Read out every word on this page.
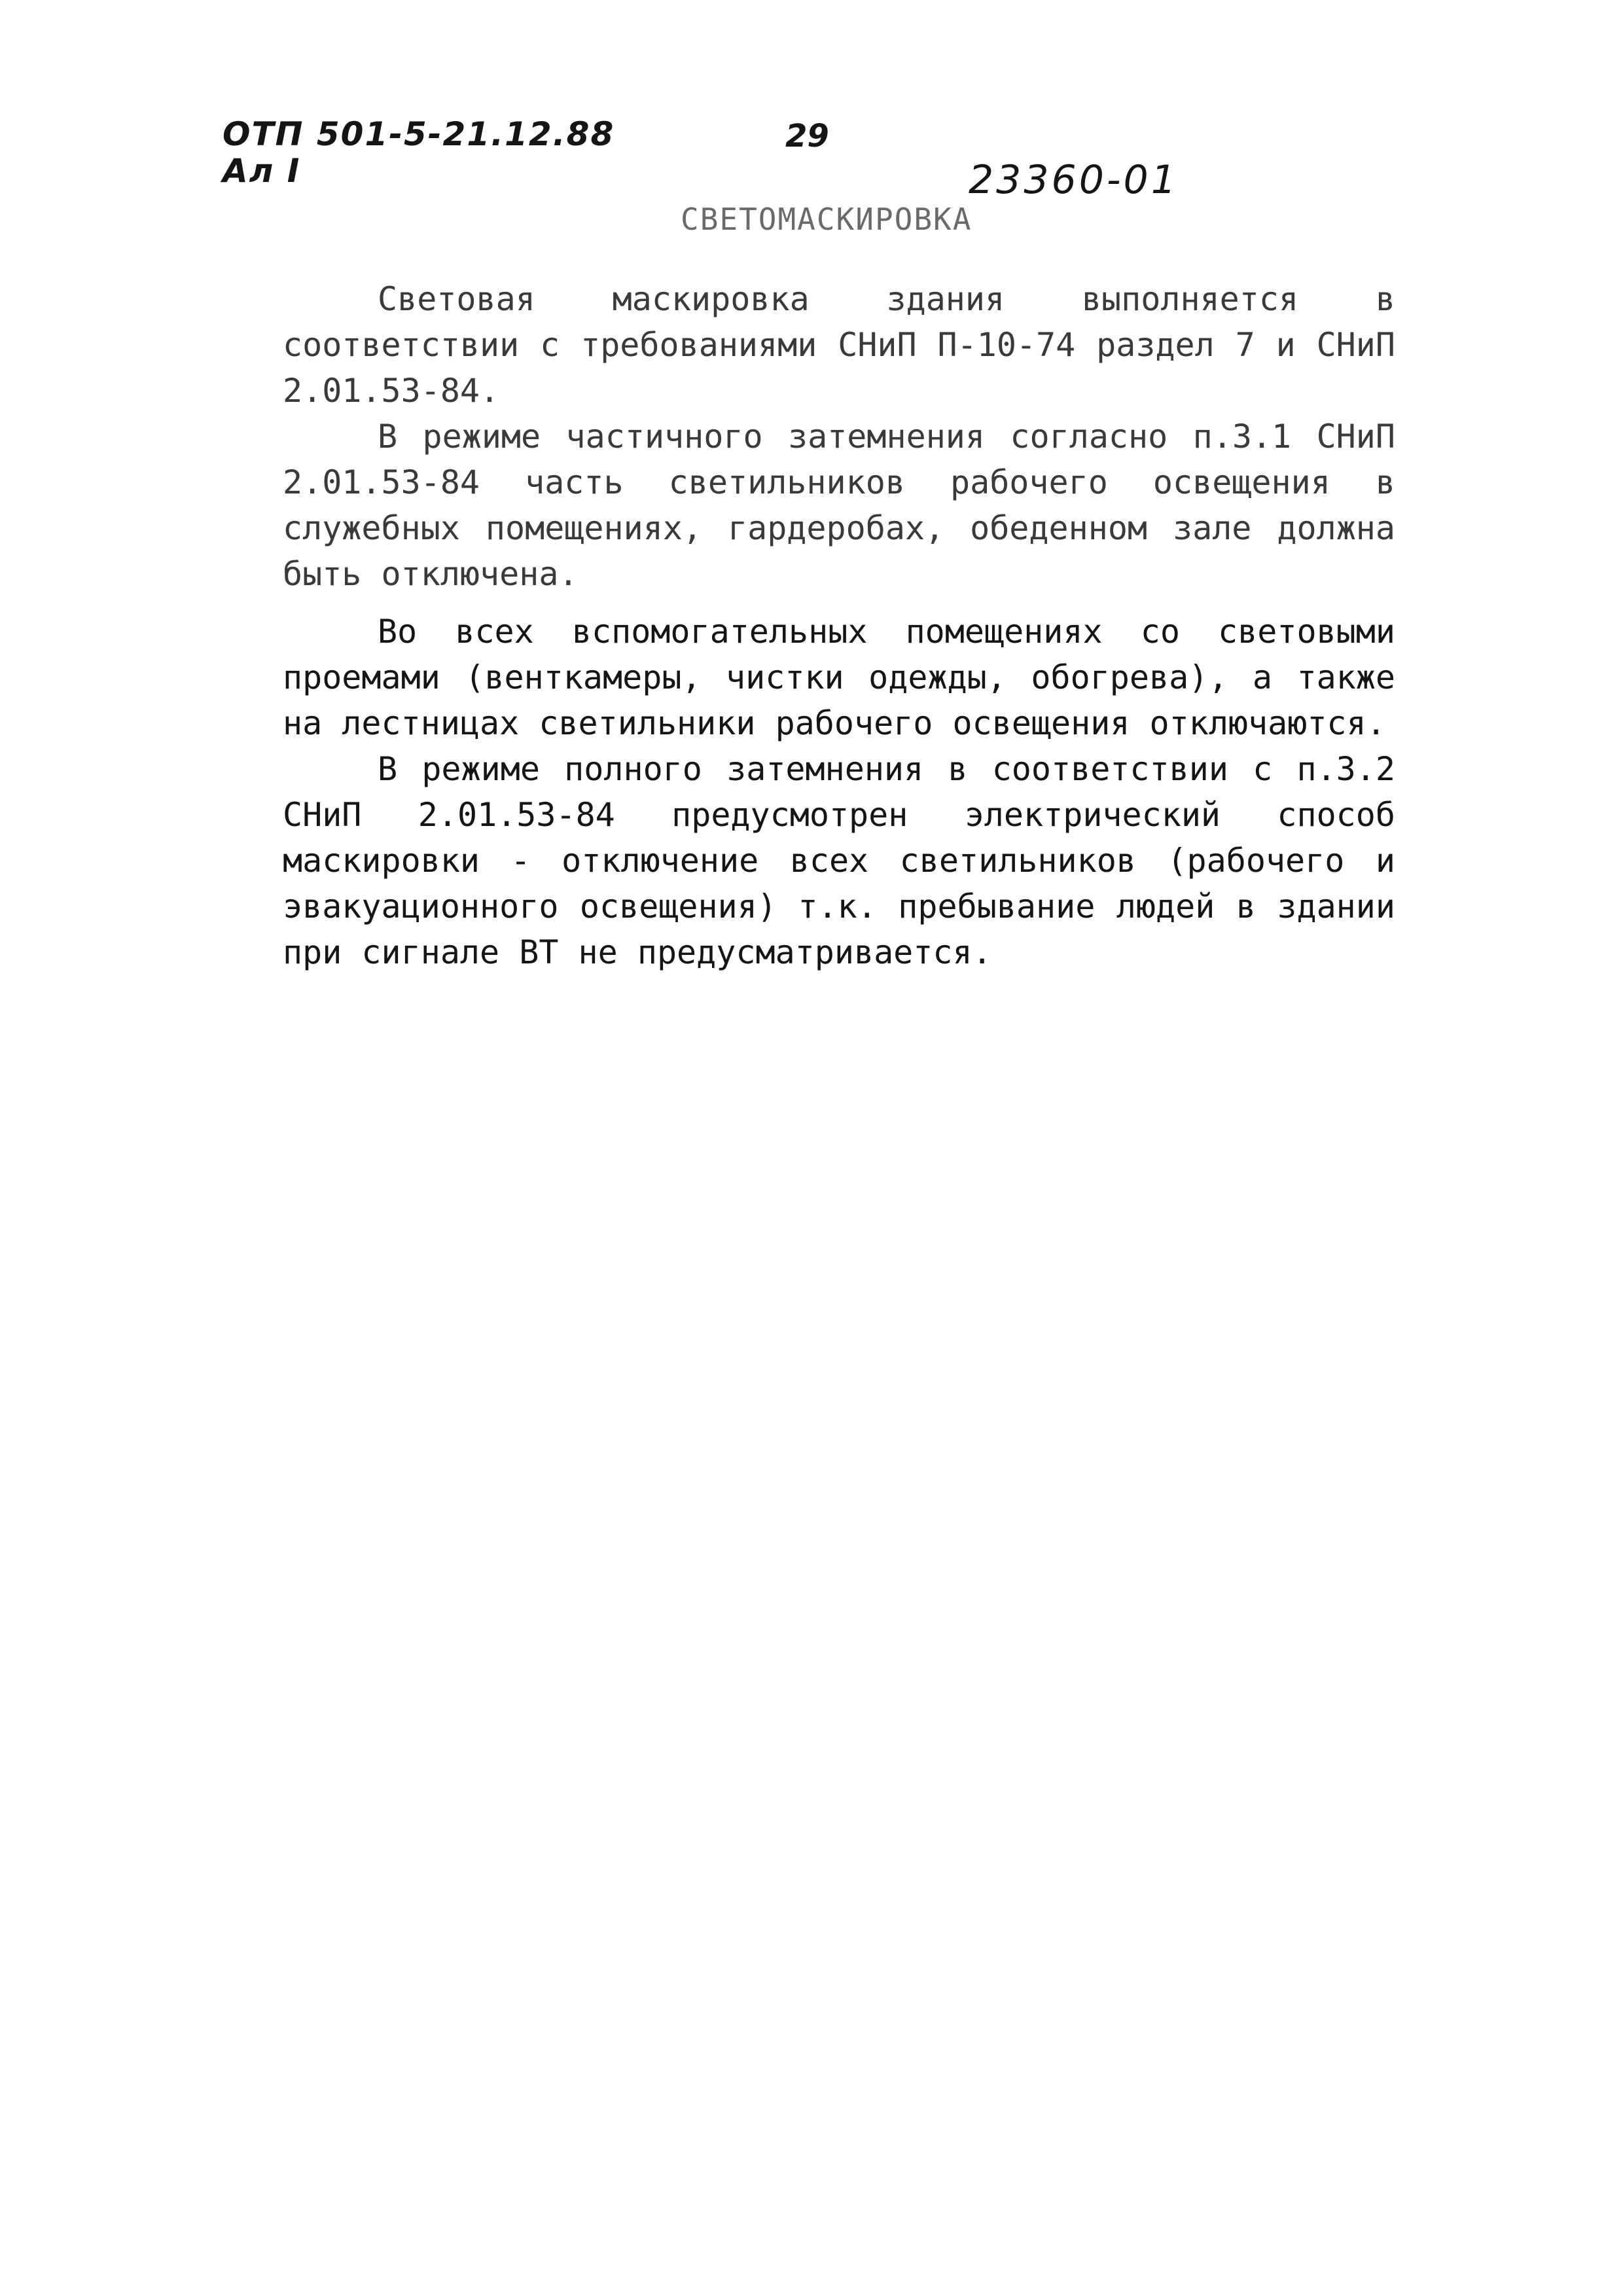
ОТП 501-5-21.12.88
Ал I
29
23360-01
СВЕТОМАСКИРОВКА

Световая маскировка здания выполняется в соответствии с требованиями СНиП П-10-74 раздел 7 и СНиП 2.01.53-84.

В режиме частичного затемнения согласно п.3.1 СНиП 2.01.53-84 часть светильников рабочего освещения в служебных помещениях, гардеробах, обеденном зале должна быть отключена.

Во всех вспомогательных помещениях со световыми проемами (венткамеры, чистки одежды, обогрева), а также на лестницах светильники рабочего освещения отключаются.

В режиме полного затемнения в соответствии с п.3.2 СНиП 2.01.53-84 предусмотрен электрический способ маскировки - отключение всех светильников (рабочего и эвакуационного освещения) т.к. пребывание людей в здании при сигнале ВТ не предусматривается.
